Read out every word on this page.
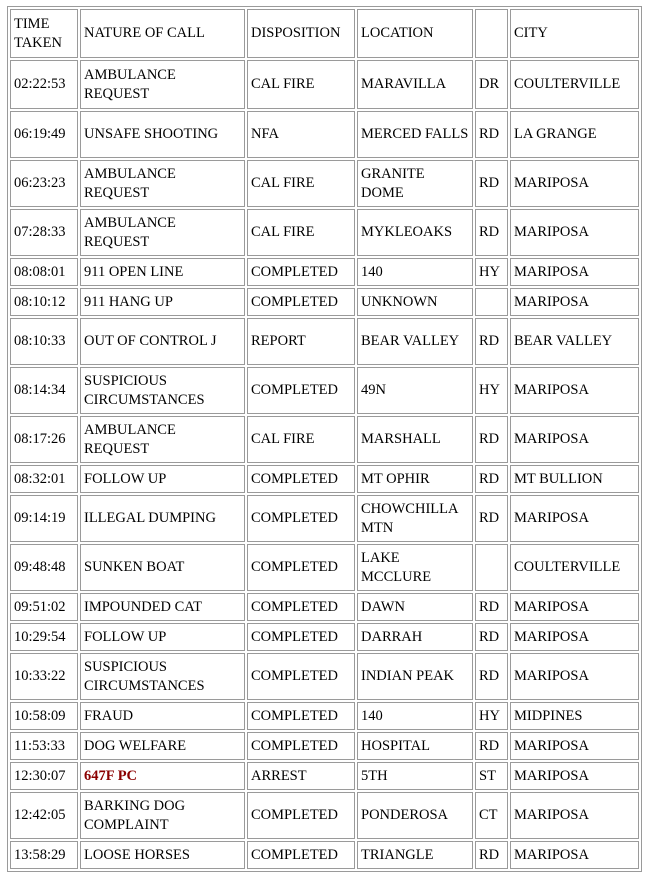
TIME TAKEN	NATURE OF CALL	DISPOSITION	LOCATION		CITY
02:22:53	AMBULANCE REQUEST	CAL FIRE	MARAVILLA	DR	COULTERVILLE
06:19:49	UNSAFE SHOOTING	NFA	MERCED FALLS	RD	LA GRANGE
06:23:23	AMBULANCE REQUEST	CAL FIRE	GRANITE DOME	RD	MARIPOSA
07:28:33	AMBULANCE REQUEST	CAL FIRE	MYKLEOAKS	RD	MARIPOSA
08:08:01	911 OPEN LINE	COMPLETED	140	HY	MARIPOSA
08:10:12	911 HANG UP	COMPLETED	UNKNOWN		MARIPOSA
08:10:33	OUT OF CONTROL J	REPORT	BEAR VALLEY	RD	BEAR VALLEY
08:14:34	SUSPICIOUS CIRCUMSTANCES	COMPLETED	49N	HY	MARIPOSA
08:17:26	AMBULANCE REQUEST	CAL FIRE	MARSHALL	RD	MARIPOSA
08:32:01	FOLLOW UP	COMPLETED	MT OPHIR	RD	MT BULLION
09:14:19	ILLEGAL DUMPING	COMPLETED	CHOWCHILLA MTN	RD	MARIPOSA
09:48:48	SUNKEN BOAT	COMPLETED	LAKE MCCLURE		COULTERVILLE
09:51:02	IMPOUNDED CAT	COMPLETED	DAWN	RD	MARIPOSA
10:29:54	FOLLOW UP	COMPLETED	DARRAH	RD	MARIPOSA
10:33:22	SUSPICIOUS CIRCUMSTANCES	COMPLETED	INDIAN PEAK	RD	MARIPOSA
10:58:09	FRAUD	COMPLETED	140	HY	MIDPINES
11:53:33	DOG WELFARE	COMPLETED	HOSPITAL	RD	MARIPOSA
12:30:07	647F PC	ARREST	5TH	ST	MARIPOSA
12:42:05	BARKING DOG COMPLAINT	COMPLETED	PONDEROSA	CT	MARIPOSA
13:58:29	LOOSE HORSES	COMPLETED	TRIANGLE	RD	MARIPOSA
